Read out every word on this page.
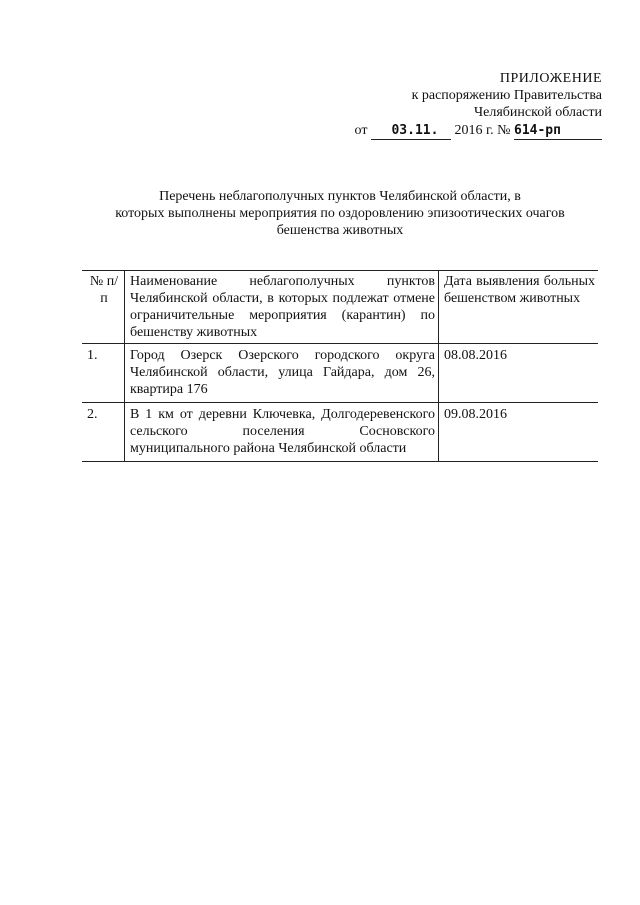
ПРИЛОЖЕНИЕ
к распоряжению Правительства
Челябинской области
от 03.11. 2016 г. № 614-рп
Перечень неблагополучных пунктов Челябинской области, в
которых выполнены мероприятия по оздоровлению эпизоотических очагов
бешенства животных
№ п/п	Наименование неблагополучных пунктов Челябинской области, в которых подлежат отмене ограничительные мероприятия (карантин) по бешенству животных	Дата выявления больных бешенством животных
1.	Город Озерск Озерского городского округа Челябинской области, улица Гайдара, дом 26, квартира 176	08.08.2016
2.	В 1 км от деревни Ключевка, Долгодеревенского сельского поселения Сосновского муниципального района Челябинской области	09.08.2016
